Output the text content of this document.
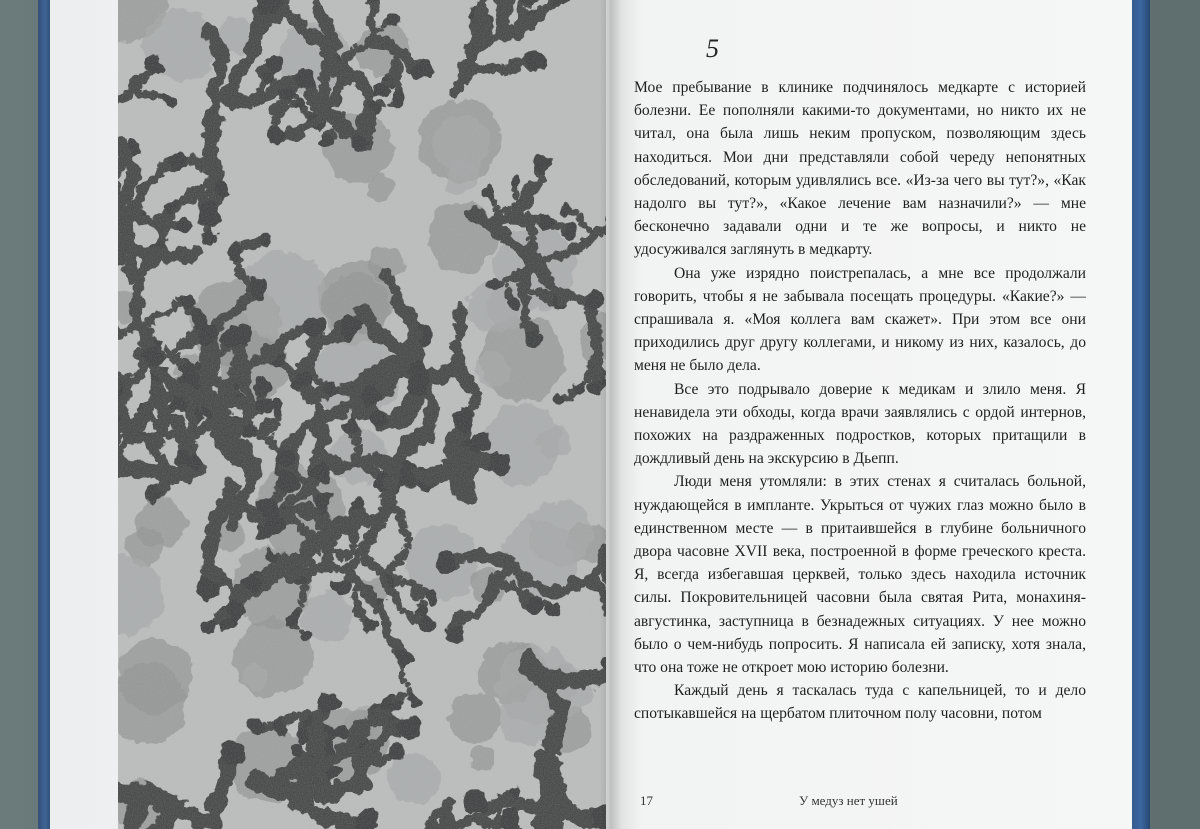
5

Мое пребывание в клинике подчинялось медкарте с историей болезни. Ее пополняли какими-то документами, но никто их не читал, она была лишь неким пропуском, позволяющим здесь находиться. Мои дни представляли собой череду непонятных обследований, которым удивлялись все. «Из-за чего вы тут?», «Как надолго вы тут?», «Какое лечение вам назначили?» — мне бесконечно задавали одни и те же вопросы, и никто не удосуживался заглянуть в медкарту.

Она уже изрядно поистрепалась, а мне все продолжали говорить, чтобы я не забывала посещать процедуры. «Какие?» — спрашивала я. «Моя коллега вам скажет». При этом все они приходились друг другу коллегами, и никому из них, казалось, до меня не было дела.

Все это подрывало доверие к медикам и злило меня. Я ненавидела эти обходы, когда врачи заявлялись с ордой интернов, похожих на раздраженных подростков, которых притащили в дождливый день на экскурсию в Дьепп.

Люди меня утомляли: в этих стенах я считалась больной, нуждающейся в импланте. Укрыться от чужих глаз можно было в единственном месте — в притаившейся в глубине больничного двора часовне XVII века, построенной в форме греческого креста. Я, всегда избегавшая церквей, только здесь находила источник силы. Покровительницей часовни была святая Рита, монахиня-августинка, заступница в безнадежных ситуациях. У нее можно было о чем-нибудь попросить. Я написала ей записку, хотя знала, что она тоже не откроет мою историю болезни.

Каждый день я таскалась туда с капельницей, то и дело спотыкавшейся на щербатом плиточном полу часовни, потом

17	У медуз нет ушей
